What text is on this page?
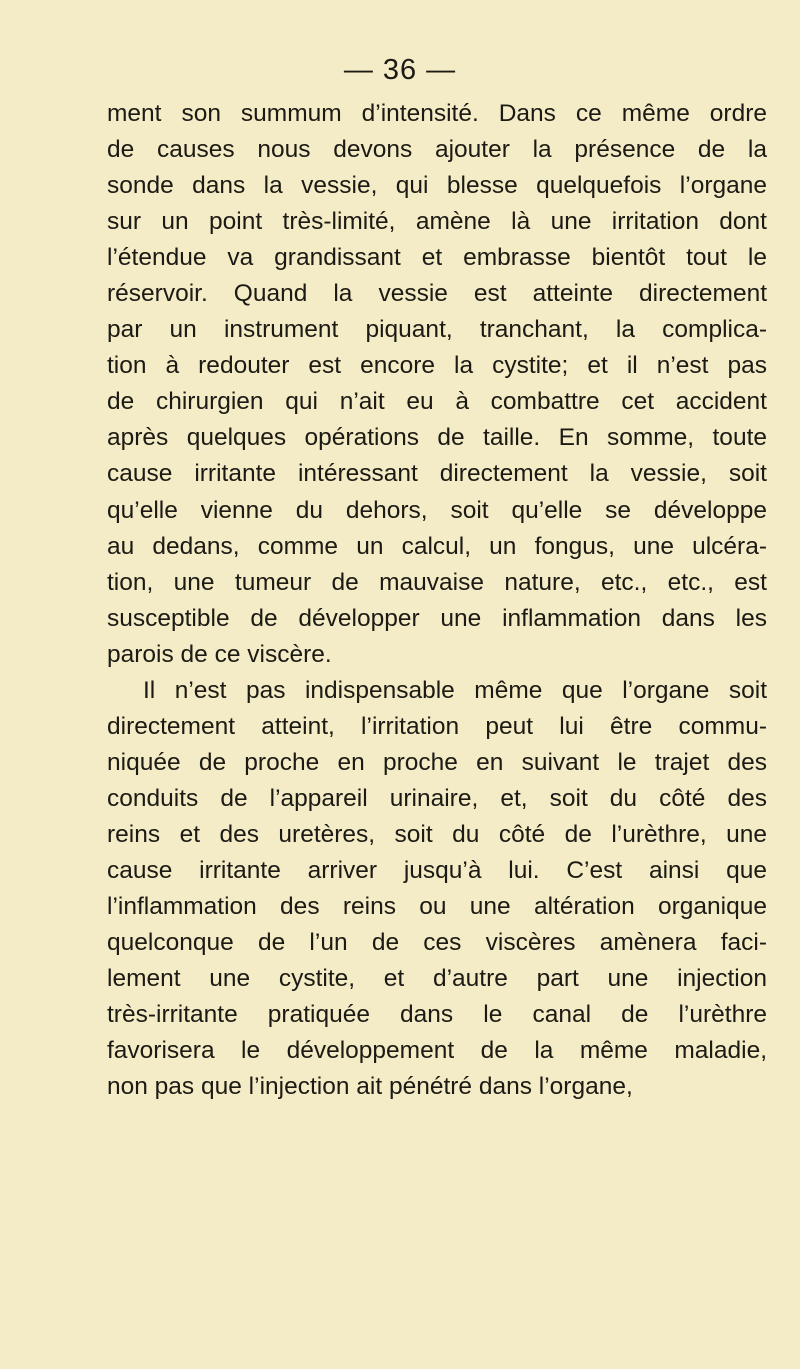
— 36 —
ment son summum d’intensité. Dans ce même ordre
de causes nous devons ajouter la présence de la
sonde dans la vessie, qui blesse quelquefois l’organe
sur un point très-limité, amène là une irritation dont
l’étendue va grandissant et embrasse bientôt tout le
réservoir. Quand la vessie est atteinte directement
par un instrument piquant, tranchant, la complica-
tion à redouter est encore la cystite; et il n’est pas
de chirurgien qui n’ait eu à combattre cet accident
après quelques opérations de taille. En somme, toute
cause irritante intéressant directement la vessie, soit
qu’elle vienne du dehors, soit qu’elle se développe
au dedans, comme un calcul, un fongus, une ulcéra-
tion, une tumeur de mauvaise nature, etc., etc., est
susceptible de développer une inflammation dans les
parois de ce viscère.
Il n’est pas indispensable même que l’organe soit
directement atteint, l’irritation peut lui être commu-
niquée de proche en proche en suivant le trajet des
conduits de l’appareil urinaire, et, soit du côté des
reins et des uretères, soit du côté de l’urèthre, une
cause irritante arriver jusqu’à lui. C’est ainsi que
l’inflammation des reins ou une altération organique
quelconque de l’un de ces viscères amènera faci-
lement une cystite, et d’autre part une injection
très-irritante pratiquée dans le canal de l’urèthre
favorisera le développement de la même maladie,
non pas que l’injection ait pénétré dans l’organe,
